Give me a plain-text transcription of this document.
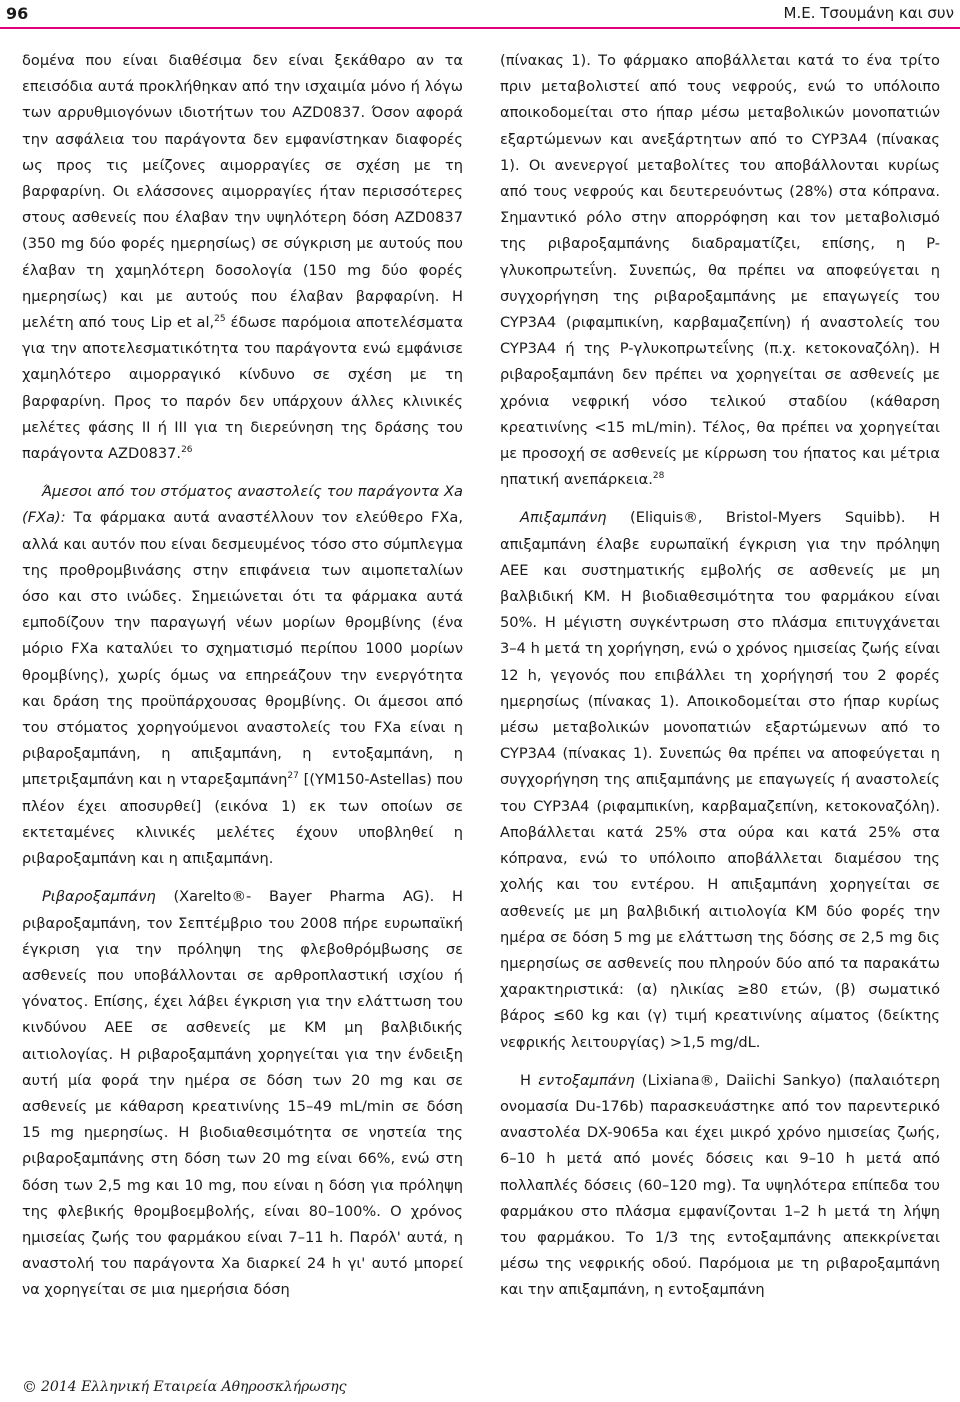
96	M.E. Τσουμάνη και συν

δομένα που είναι διαθέσιμα δεν είναι ξεκάθαρο αν τα επεισόδια αυτά προκλήθηκαν από την ισχαιμία μόνο ή λόγω των αρρυθμιογόνων ιδιοτήτων του AZD0837. Όσον αφορά την ασφάλεια του παράγοντα δεν εμφανίστηκαν διαφορές ως προς τις μείζονες αιμορραγίες σε σχέση με τη βαρφαρίνη. Οι ελάσσονες αιμορραγίες ήταν περισσότερες στους ασθενείς που έλαβαν την υψηλότερη δόση AZD0837 (350 mg δύο φορές ημερησίως) σε σύγκριση με αυτούς που έλαβαν τη χαμηλότερη δοσολογία (150 mg δύο φορές ημερησίως) και με αυτούς που έλαβαν βαρφαρίνη. Η μελέτη από τους Lip et al,$^{25}$ έδωσε παρόμοια αποτελέσματα για την αποτελεσματικότητα του παράγοντα ενώ εμφάνισε χαμηλότερο αιμορραγικό κίνδυνο σε σχέση με τη βαρφαρίνη. Προς το παρόν δεν υπάρχουν άλλες κλινικές μελέτες φάσης II ή III για τη διερεύνηση της δράσης του παράγοντα AZD0837.26

Άμεσοι από του στόματος αναστολείς του παράγοντα Xa (FXa): Τα φάρμακα αυτά αναστέλλουν τον ελεύθερο FXa, αλλά και αυτόν που είναι δεσμευμένος τόσο στο σύμπλεγμα της προθρομβινάσης στην επιφάνεια των αιμοπεταλίων όσο και στο ινώδες. Σημειώνεται ότι τα φάρμακα αυτά εμποδίζουν την παραγωγή νέων μορίων θρομβίνης (ένα μόριο FXa καταλύει το σχηματισμό περίπου 1000 μορίων θρομβίνης), χωρίς όμως να επηρεάζουν την ενεργότητα και δράση της προϋπάρχουσας θρομβίνης. Οι άμεσοι από του στόματος χορηγούμενοι αναστολείς του FXa είναι η ριβαροξαμπάνη, η απιξαμπάνη, η εντοξαμπάνη, η μπετριξαμπάνη και η νταρεξαμπάνη$^{27}$ [(YM150-Astellas) που πλέον έχει αποσυρθεί] (εικόνα 1) εκ των οποίων σε εκτεταμένες κλινικές μελέτες έχουν υποβληθεί η ριβαροξαμπάνη και η απιξαμπάνη.

Ριβαροξαμπάνη (Xarelto®- Bayer Pharma AG). Η ριβαροξαμπάνη, τον Σεπτέμβριο του 2008 πήρε ευρωπαϊκή έγκριση για την πρόληψη της φλεβοθρόμβωσης σε ασθενείς που υποβάλλονται σε αρθροπλαστική ισχίου ή γόνατος. Επίσης, έχει λάβει έγκριση για την ελάττωση του κινδύνου ΑΕΕ σε ασθενείς με ΚΜ μη βαλβιδικής αιτιολογίας. Η ριβαροξαμπάνη χορηγείται για την ένδειξη αυτή μία φορά την ημέρα σε δόση των 20 mg και σε ασθενείς με κάθαρση κρεατινίνης 15–49 mL/min σε δόση 15 mg ημερησίως. Η βιοδιαθεσιμότητα σε νηστεία της ριβαροξαμπάνης στη δόση των 20 mg είναι 66%, ενώ στη δόση των 2,5 mg και 10 mg, που είναι η δόση για πρόληψη της φλεβικής θρομβοεμβολής, είναι 80–100%. Ο χρόνος ημισείας ζωής του φαρμάκου είναι 7–11 h. Παρόλ' αυτά, η αναστολή του παράγοντα Xa διαρκεί 24 h γι' αυτό μπορεί να χορηγείται σε μια ημερήσια δόση

(πίνακας 1). Το φάρμακο αποβάλλεται κατά το ένα τρίτο πριν μεταβολιστεί από τους νεφρούς, ενώ το υπόλοιπο αποικοδομείται στο ήπαρ μέσω μεταβολικών μονοπατιών εξαρτώμενων και ανεξάρτητων από το CYP3A4 (πίνακας 1). Οι ανενεργοί μεταβολίτες του αποβάλλονται κυρίως από τους νεφρούς και δευτερευόντως (28%) στα κόπρανα. Σημαντικό ρόλο στην απορρόφηση και τον μεταβολισμό της ριβαροξαμπάνης διαδραματίζει, επίσης, η P-γλυκοπρωτεΐνη. Συνεπώς, θα πρέπει να αποφεύγεται η συγχορήγηση της ριβαροξαμπάνης με επαγωγείς του CYP3A4 (ριφαμπικίνη, καρβαμαζεπίνη) ή αναστολείς του CYP3A4 ή της P-γλυκοπρωτεΐνης (π.χ. κετοκοναζόλη). Η ριβαροξαμπάνη δεν πρέπει να χορηγείται σε ασθενείς με χρόνια νεφρική νόσο τελικού σταδίου (κάθαρση κρεατινίνης <15 mL/min). Τέλος, θα πρέπει να χορηγείται με προσοχή σε ασθενείς με κίρρωση του ήπατος και μέτρια ηπατική ανεπάρκεια.$^{28}$

Απιξαμπάνη (Eliquis®, Bristol-Myers Squibb). Η απιξαμπάνη έλαβε ευρωπαϊκή έγκριση για την πρόληψη ΑΕΕ και συστηματικής εμβολής σε ασθενείς με μη βαλβιδική ΚΜ. Η βιοδιαθεσιμότητα του φαρμάκου είναι 50%. Η μέγιστη συγκέντρωση στο πλάσμα επιτυγχάνεται 3–4 h μετά τη χορήγηση, ενώ ο χρόνος ημισείας ζωής είναι 12 h, γεγονός που επιβάλλει τη χορήγησή του 2 φορές ημερησίως (πίνακας 1). Αποικοδομείται στο ήπαρ κυρίως μέσω μεταβολικών μονοπατιών εξαρτώμενων από το CYP3A4 (πίνακας 1). Συνεπώς θα πρέπει να αποφεύγεται η συγχορήγηση της απιξαμπάνης με επαγωγείς ή αναστολείς του CYP3A4 (ριφαμπικίνη, καρβαμαζεπίνη, κετοκοναζόλη). Αποβάλλεται κατά 25% στα ούρα και κατά 25% στα κόπρανα, ενώ το υπόλοιπο αποβάλλεται διαμέσου της χολής και του εντέρου. Η απιξαμπάνη χορηγείται σε ασθενείς με μη βαλβιδική αιτιολογία ΚΜ δύο φορές την ημέρα σε δόση 5 mg με ελάττωση της δόσης σε 2,5 mg δις ημερησίως σε ασθενείς που πληρούν δύο από τα παρακάτω χαρακτηριστικά: (α) ηλικίας ≥80 ετών, (β) σωματικό βάρος ≤60 kg και (γ) τιμή κρεατινίνης αίματος (δείκτης νεφρικής λειτουργίας) >1,5 mg/dL.

Η εντοξαμπάνη (Lixiana®, Daiichi Sankyo) (παλαιότερη ονομασία Du-176b) παρασκευάστηκε από τον παρεντερικό αναστολέα DX-9065a και έχει μικρό χρόνο ημισείας ζωής, 6–10 h μετά από μονές δόσεις και 9–10 h μετά από πολλαπλές δόσεις (60–120 mg). Τα υψηλότερα επίπεδα του φαρμάκου στο πλάσμα εμφανίζονται 1–2 h μετά τη λήψη του φαρμάκου. Το 1/3 της εντοξαμπάνης απεκκρίνεται μέσω της νεφρικής οδού. Παρόμοια με τη ριβαροξαμπάνη και την απιξαμπάνη, η εντοξαμπάνη

© 2014 Ελληνική Εταιρεία Αθηροσκλήρωσης
